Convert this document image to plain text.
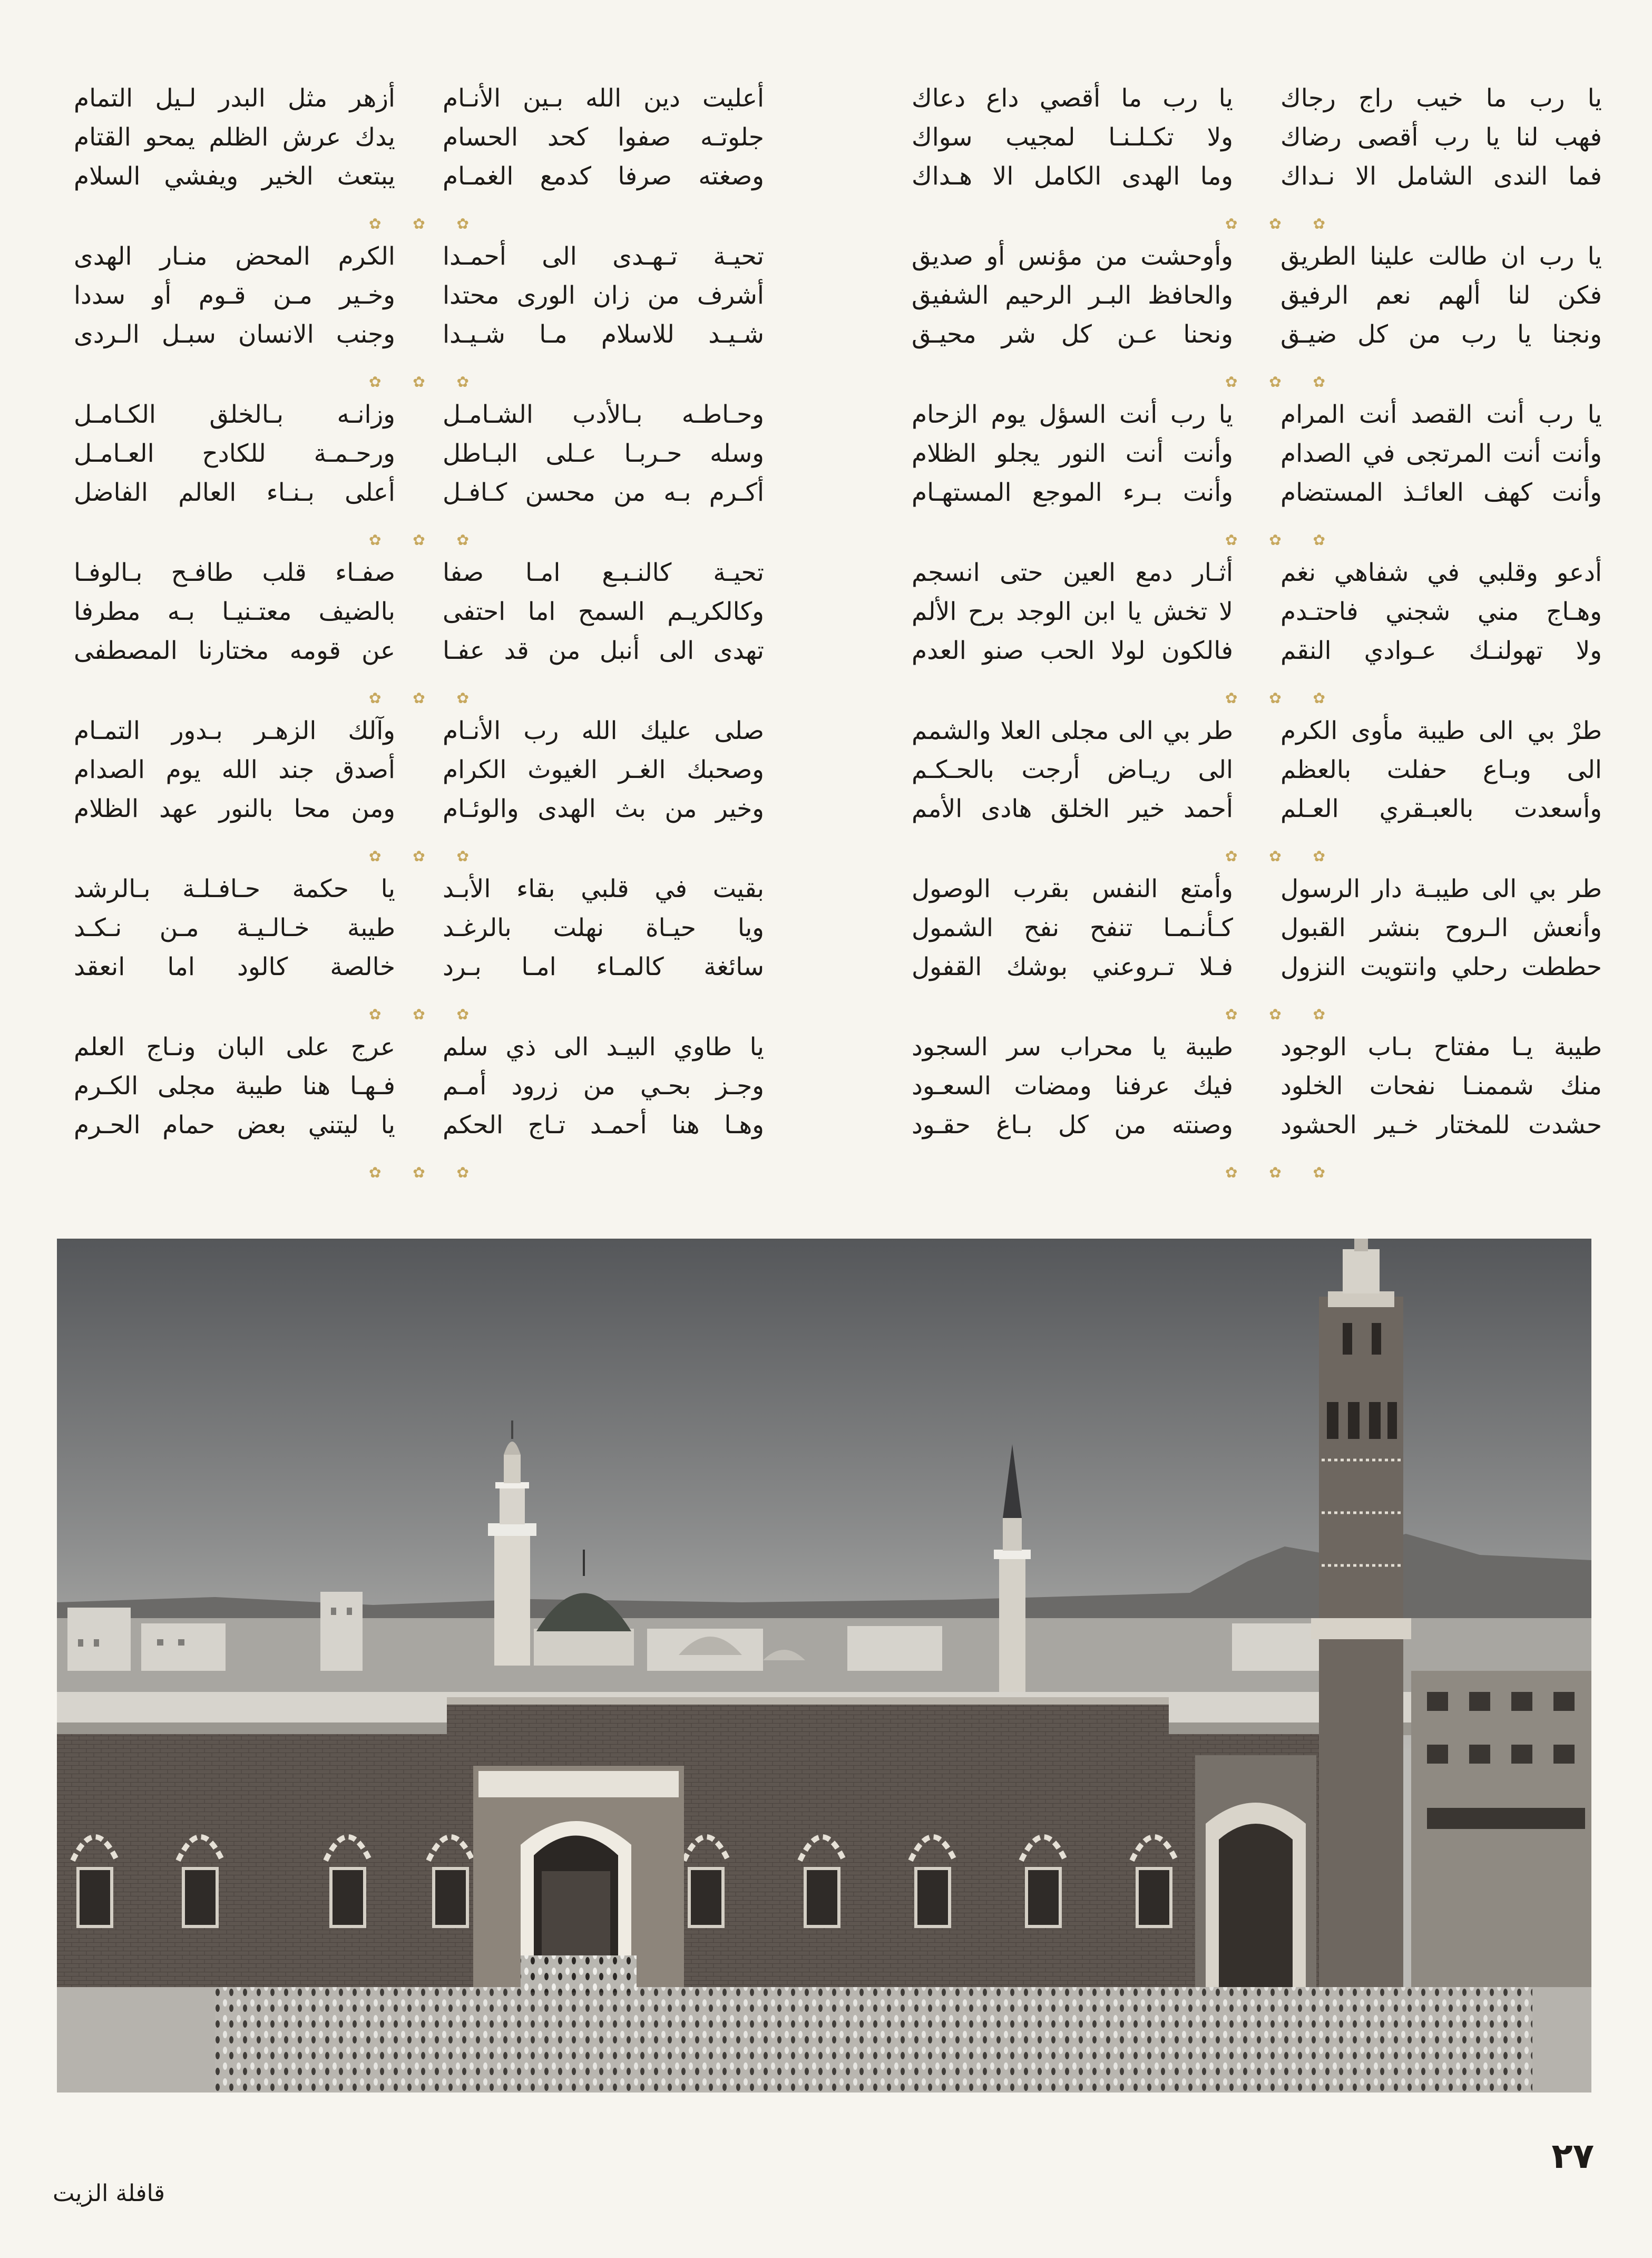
يا رب ما خيب راج رجاك
فهب لنا يا رب أقصى رضاك
فما الندى الشامل الا نـداك
يا رب ان طالت علينا الطريق
فكن لنا ألهم نعم الرفيق
ونجنا يا رب من كل ضيـق
يا رب أنت القصد أنت المرام
وأنت أنت المرتجى في الصدام
وأنت كهف العائـذ المستضام
أدعو وقلبي في شفاهي نغم
وهـاج مني شجني فاحتـدم
ولا تهولنـك عـوادي النقم
طرْ بي الى طيبة مأوى الكرم
الى وبـاع حفلت بالعظم
وأسعدت بالعبـقري العـلم
طر بي الى طيبـة دار الرسول
وأنعش الـروح بنشر القبول
حططت رحلي وانتويت النزول
طيبة يـا مفتاح بـاب الوجود
منك شممنـا نفحات الخلود
حشدت للمختار خـير الحشود
يا رب ما أقصي داع دعاك
ولا تكـلـنـا لمجيب سواك
وما الهدى الكامل الا هـداك
وأوحشت من مؤنس أو صديق
والحافظ البـر الرحيم الشفيق
ونحنا عـن كل شر محيـق
يا رب أنت السؤل يوم الزحام
وأنت أنت النور يجلو الظلام
وأنت بـرء الموجع المستهـام
أثـار دمع العين حتى انسجم
لا تخش يا ابن الوجد برح الألم
فالكون لولا الحب صنو العدم
طر بي الى مجلى العلا والشمم
الى ريـاض أرجت بالحـكـم
أحمد خير الخلق هادى الأمم
وأمتع النفس بقرب الوصول
كـأنـمـا تنفح نفح الشمول
فـلا تـروعني بوشك القفول
طيبة يا محراب سر السجود
فيك عرفنا ومضات السعـود
وصنته من كل بـاغ حقـود
أعليت دين الله بـين الأنـام
جلوتـه صفوا كحد الحسام
وصغته صرفا كدمع الغمـام
تحيـة تـهـدى الى أحمـدا
أشرف من زان الورى محتدا
شـيـد للاسلام مـا شـيـدا
وحـاطـه بـالأدب الشـامـل
وسله حـربـا عـلى البـاطل
أكـرم بـه من محسن كـافـل
تحيـة كالنـبـع امـا صفا
وكالكريـم السمح اما احتفى
تهدى الى أنبل من قد عفـا
صلى عليك الله رب الأنـام
وصحبك الغـر الغيوث الكرام
وخير من بث الهدى والوئـام
بقيت في قلبي بقاء الأبـد
ويا حيـاة نهلت بالرغـد
سائغة كالمـاء امـا بـرد
يا طاوي البيـد الى ذي سلم
وجـز بحـي من زرود أمـم
وهـا هنا أحمـد تـاج الحكم
أزهر مثل البدر لـيل التمام
يدك عرش الظلم يمحو القتام
يبتعث الخير ويفشي السلام
الكرم المحض منـار الهدى
وخـير مـن قـوم أو سددا
وجنب الانسان سبـل الـردى
وزانـه بـالخلق الكـامـل
ورحـمـة للكادح العـامـل
أعلى بـنـاء العالم الفاضل
صفـاء قلب طافـح بـالوفـا
بالضيف معتـنيـا بـه مطرفا
عن قومه مختارنا المصطفى
وآلك الزهـر بـدور التمـام
أصدق جند الله يوم الصدام
ومن محا بالنور عهد الظلام
يا حكمة حـافـلـة بـالرشد
طيبة خـالـيـة مـن نـكـد
خالصة كالود اما انعقد
عرج على البان ونـاج العلم
فـهـا هنا طيبة مجلى الكـرم
يا ليتني بعض حمام الحـرم
✿ ✿ ✿
✿ ✿ ✿
✿ ✿ ✿
✿ ✿ ✿
✿ ✿ ✿
✿ ✿ ✿
✿ ✿ ✿
✿ ✿ ✿
✿ ✿ ✿
✿ ✿ ✿
✿ ✿ ✿
✿ ✿ ✿
✿ ✿ ✿
✿ ✿ ✿
٢٧
قافلة الزيت
